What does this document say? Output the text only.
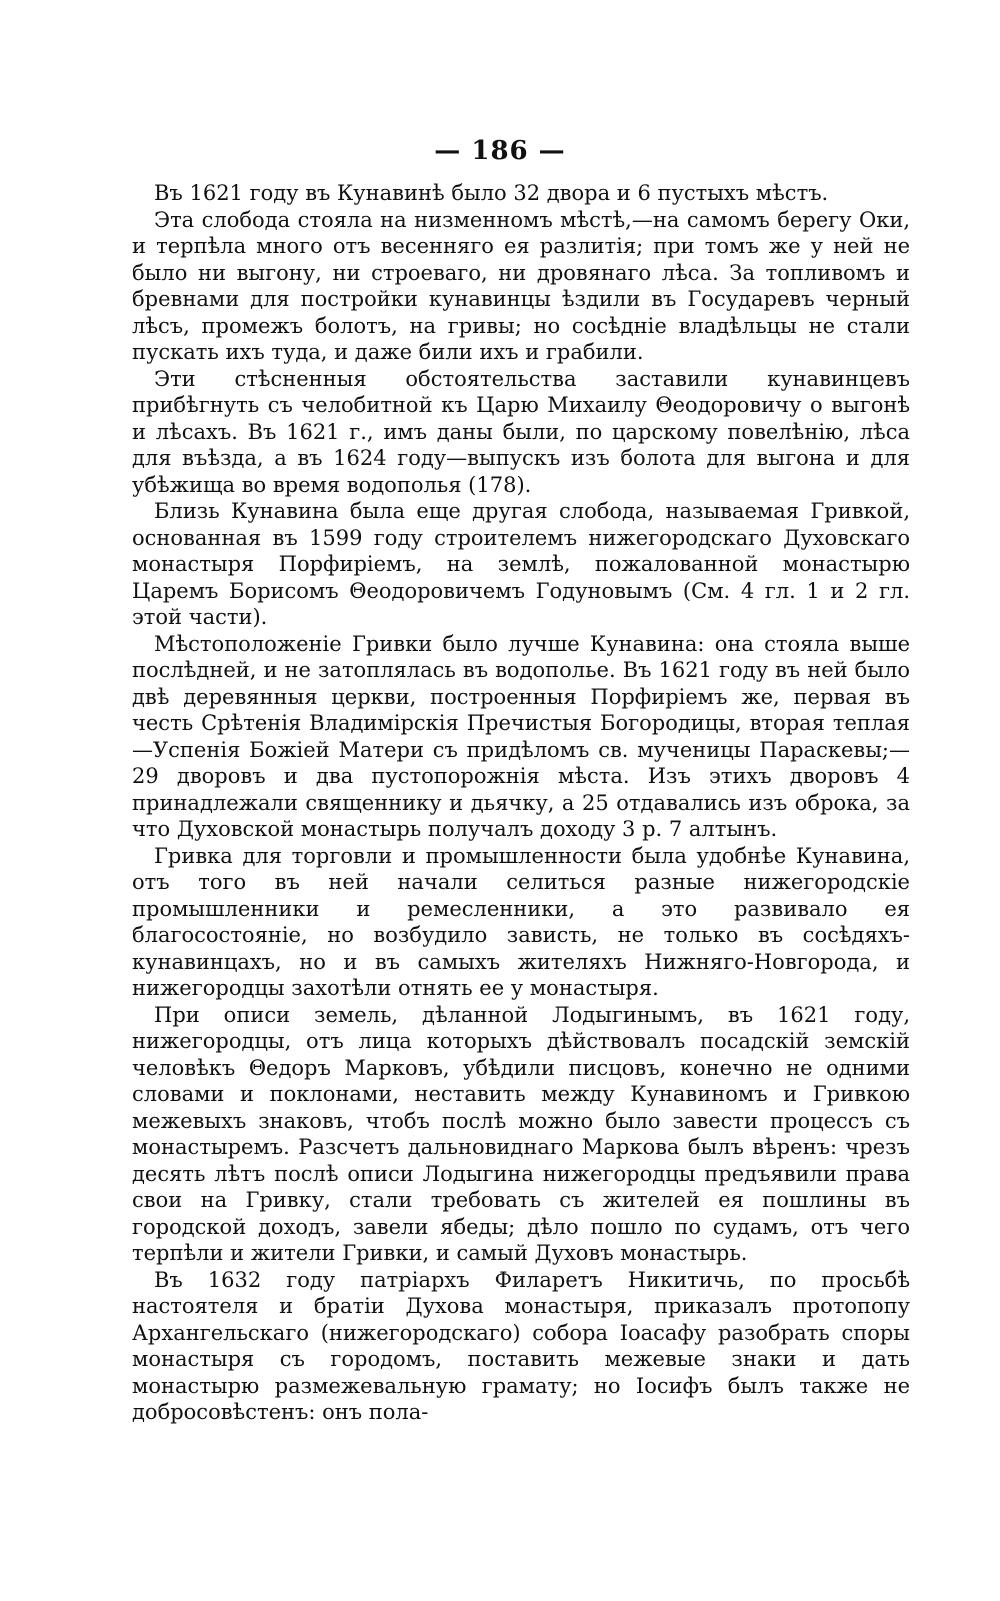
— 186 —

Въ 1621 году въ Кунавинѣ было 32 двора и 6 пустыхъ мѣстъ.

Эта слобода стояла на низменномъ мѣстѣ,—на самомъ берегу Оки, и терпѣла много отъ весенняго ея разлитія; при томъ же у ней не было ни выгону, ни строеваго, ни дровянаго лѣса. За топливомъ и бревнами для постройки кунавинцы ѣздили въ Государевъ черный лѣсъ, промежъ болотъ, на гривы; но сосѣдніе владѣльцы не стали пускать ихъ туда, и даже били ихъ и грабили.

Эти стѣсненныя обстоятельства заставили кунавинцевъ прибѣгнуть съ челобитной къ Царю Михаилу Θеодоровичу о выгонѣ и лѣсахъ. Въ 1621 г., имъ даны были, по царскому повелѣнію, лѣса для въѣзда, а въ 1624 году—выпускъ изъ болота для выгона и для убѣжища во время водополья (178).

Близь Кунавина была еще другая слобода, называемая Гривкой, основанная въ 1599 году строителемъ нижегородскаго Духовскаго монастыря Порфиріемъ, на землѣ, пожалованной монастырю Царемъ Борисомъ Θеодоровичемъ Годуновымъ (См. 4 гл. 1 и 2 гл. этой части).

Мѣстоположеніе Гривки было лучше Кунавина: она стояла выше послѣдней, и не затоплялась въ водополье. Въ 1621 году въ ней было двѣ деревянныя церкви, построенныя Порфиріемъ же, первая въ честь Срѣтенія Владимірскія Пречистыя Богородицы, вторая теплая—Успенія Божіей Матери съ придѣломъ св. мученицы Параскевы;—29 дворовъ и два пустопорожнія мѣста. Изъ этихъ дворовъ 4 принадлежали священнику и дьячку, а 25 отдавались изъ оброка, за что Духовской монастырь получалъ доходу 3 р. 7 алтынъ.

Гривка для торговли и промышленности была удобнѣе Кунавина, отъ того въ ней начали селиться разные нижегородскіе промышленники и ремесленники, а это развивало ея благосостояніе, но возбудило зависть, не только въ сосѣдяхъ-кунавинцахъ, но и въ самыхъ жителяхъ Нижняго-Новгорода, и нижегородцы захотѣли отнять ее у монастыря.

При описи земель, дѣланной Лодыгинымъ, въ 1621 году, нижегородцы, отъ лица которыхъ дѣйствовалъ посадскій земскій человѣкъ Θедоръ Марковъ, убѣдили писцовъ, конечно не одними словами и поклонами, неставить между Кунавиномъ и Гривкою межевыхъ знаковъ, чтобъ послѣ можно было завести процессъ съ монастыремъ. Разсчетъ дальновиднаго Маркова былъ вѣренъ: чрезъ десять лѣтъ послѣ описи Лодыгина нижегородцы предъявили права свои на Гривку, стали требовать съ жителей ея пошлины въ городской доходъ, завели ябеды; дѣло пошло по судамъ, отъ чего терпѣли и жители Гривки, и самый Духовъ монастырь.

Въ 1632 году патріархъ Филаретъ Никитичь, по просьбѣ настоятеля и братіи Духова монастыря, приказалъ протопопу Архангельскаго (нижегородскаго) собора Іоасафу разобрать споры монастыря съ городомъ, поставить межевые знаки и дать монастырю размежевальную грамату; но Іосифъ былъ также не добросовѣстенъ: онъ пола-
